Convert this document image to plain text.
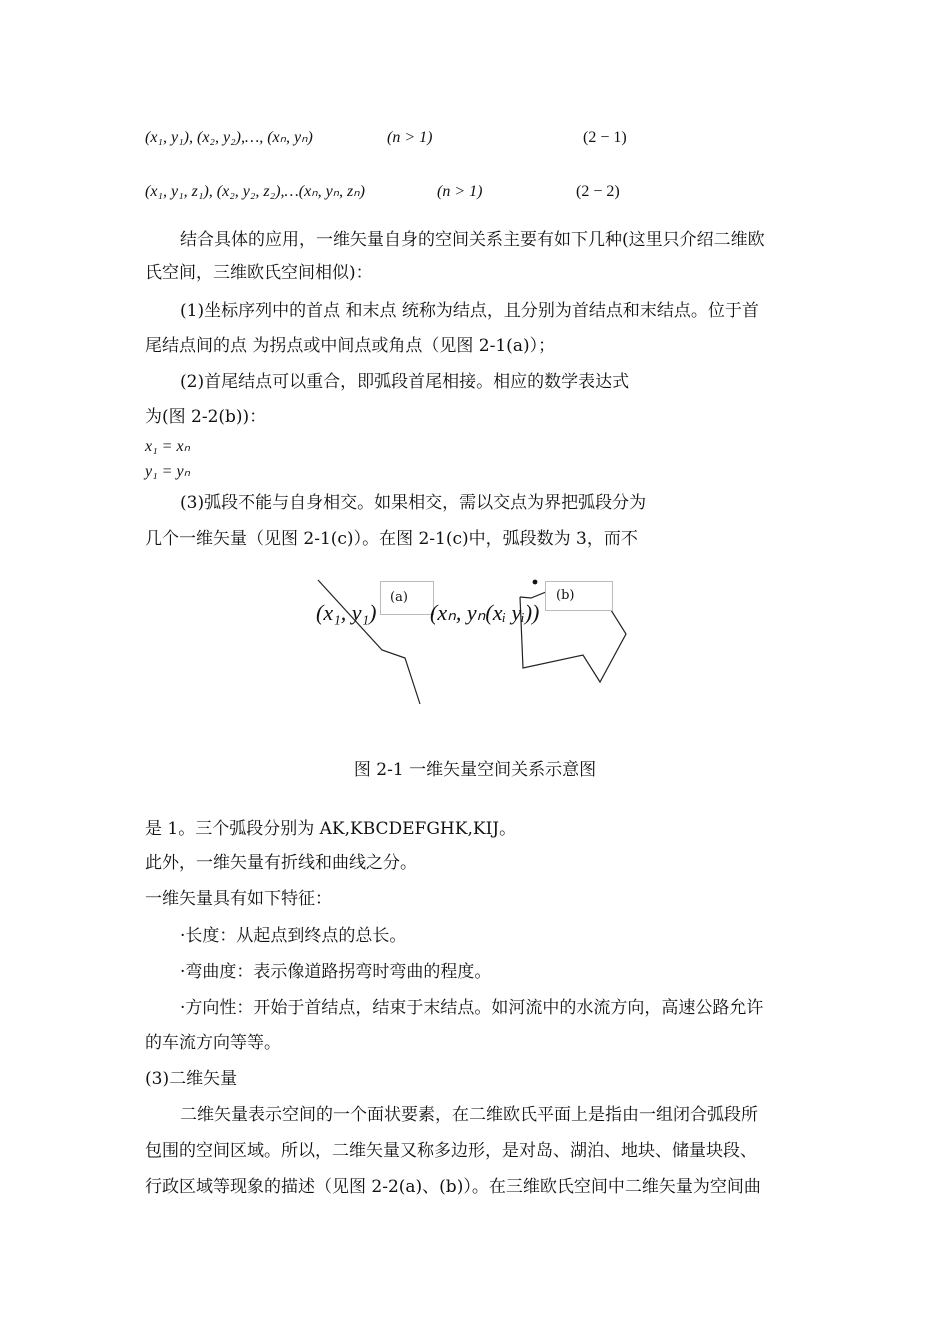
(x₁, y₁), (x₂, y₂),…, (xₙ, yₙ)	(n > 1)	(2 − 1)
(x₁, y₁, z₁), (x₂, y₂, z₂),…(xₙ, yₙ, zₙ)	(n > 1)	(2 − 2)
结合具体的应用，一维矢量自身的空间关系主要有如下几种(这里只介绍二维欧
氏空间，三维欧氏空间相似)：
(1)坐标序列中的首点 和末点 统称为结点，且分别为首结点和末结点。位于首
尾结点间的点 为拐点或中间点或角点（见图 2-1(a)）；
(2)首尾结点可以重合，即弧段首尾相接。相应的数学表达式
为(图 2-2(b))：
x₁ = xₙ
y₁ = yₙ
(3)弧段不能与自身相交。如果相交，需以交点为界把弧段分为
几个一维矢量（见图 2-1(c)）。在图 2-1(c)中，弧段数为 3，而不
(a)	(b)
(x₁, y₁) (xₙ, yₙ(xᵢ yᵢ))
图 2-1 一维矢量空间关系示意图
是 1。三个弧段分别为 AK,KBCDEFGHK,KIJ。
此外，一维矢量有折线和曲线之分。
一维矢量具有如下特征：
·长度：从起点到终点的总长。
·弯曲度：表示像道路拐弯时弯曲的程度。
·方向性：开始于首结点，结束于末结点。如河流中的水流方向，高速公路允许
的车流方向等等。
(3)二维矢量
二维矢量表示空间的一个面状要素，在二维欧氏平面上是指由一组闭合弧段所
包围的空间区域。所以，二维矢量又称多边形，是对岛、湖泊、地块、储量块段、
行政区域等现象的描述（见图 2-2(a)、(b)）。在三维欧氏空间中二维矢量为空间曲
